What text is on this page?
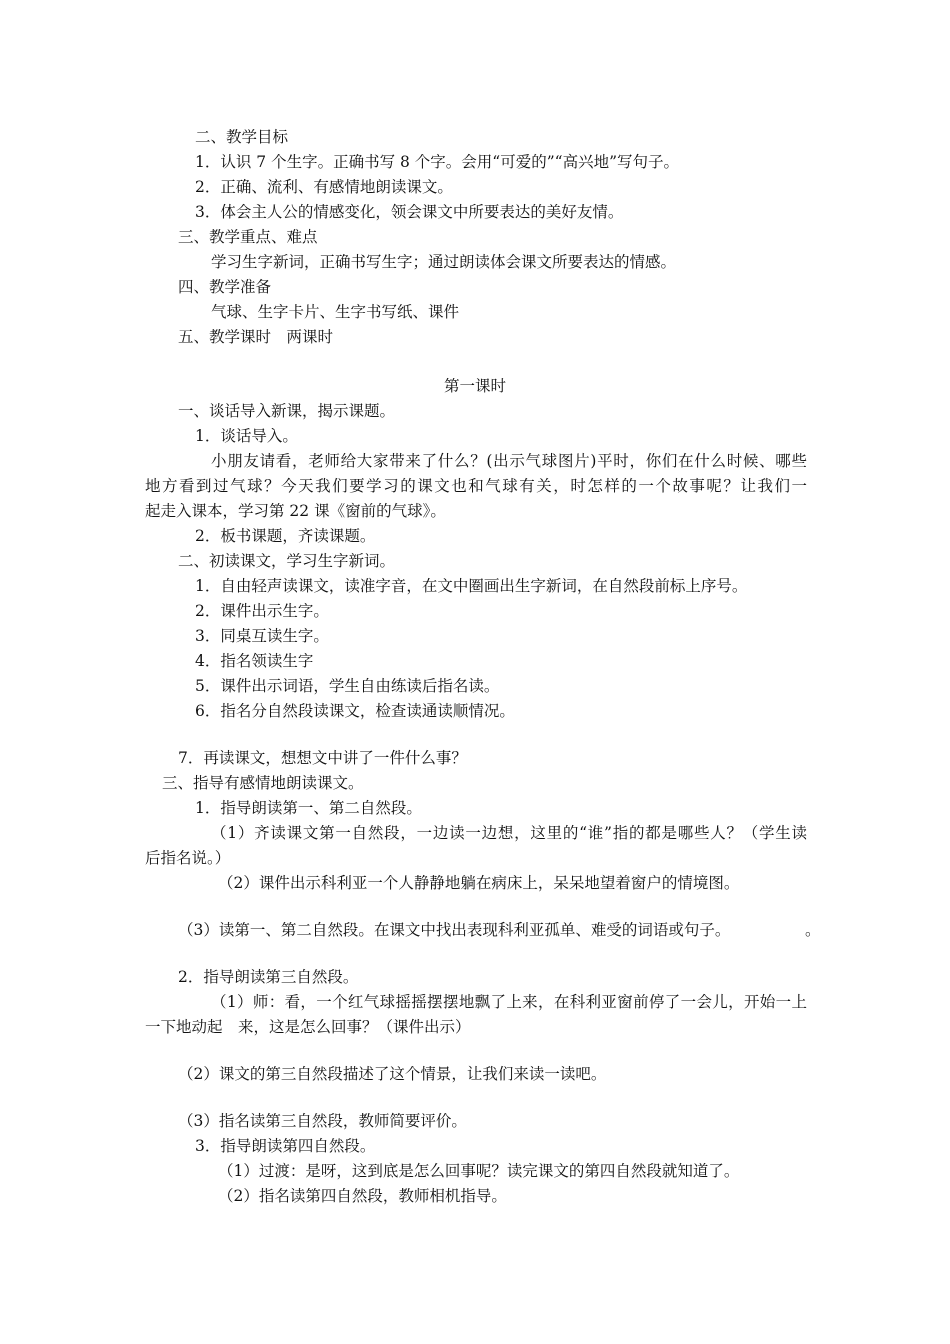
二、教学目标
1．认识 7 个生字。正确书写 8 个字。会用“可爱的”“高兴地”写句子。
2．正确、流利、有感情地朗读课文。
3．体会主人公的情感变化，领会课文中所要表达的美好友情。
三、教学重点、难点
学习生字新词，正确书写生字；通过朗读体会课文所要表达的情感。
四、教学准备
气球、生字卡片、生字书写纸、课件
五、教学课时　两课时
第一课时
一、谈话导入新课，揭示课题。
1．谈话导入。
小朋友请看，老师给大家带来了什么？(出示气球图片)平时，你们在什么时候、哪些
地方看到过气球？今天我们要学习的课文也和气球有关，时怎样的一个故事呢？让我们一
起走入课本，学习第 22 课《窗前的气球》。
2．板书课题，齐读课题。
二、初读课文，学习生字新词。
1．自由轻声读课文，读准字音，在文中圈画出生字新词，在自然段前标上序号。
2．课件出示生字。
3．同桌互读生字。
4．指名领读生字
5．课件出示词语，学生自由练读后指名读。
6．指名分自然段读课文，检查读通读顺情况。
7．再读课文，想想文中讲了一件什么事？
三、指导有感情地朗读课文。
1．指导朗读第一、第二自然段。
（1）齐读课文第一自然段，一边读一边想，这里的“谁”指的都是哪些人？（学生读
后指名说。）
（2）课件出示科利亚一个人静静地躺在病床上，呆呆地望着窗户的情境图。
（3）读第一、第二自然段。在课文中找出表现科利亚孤单、难受的词语或句子。	。
2．指导朗读第三自然段。
（1）师：看，一个红气球摇摇摆摆地飘了上来，在科利亚窗前停了一会儿，开始一上
一下地动起　来，这是怎么回事？（课件出示）
（2）课文的第三自然段描述了这个情景，让我们来读一读吧。
（3）指名读第三自然段，教师简要评价。
3．指导朗读第四自然段。
（1）过渡：是呀，这到底是怎么回事呢？读完课文的第四自然段就知道了。
（2）指名读第四自然段，教师相机指导。
